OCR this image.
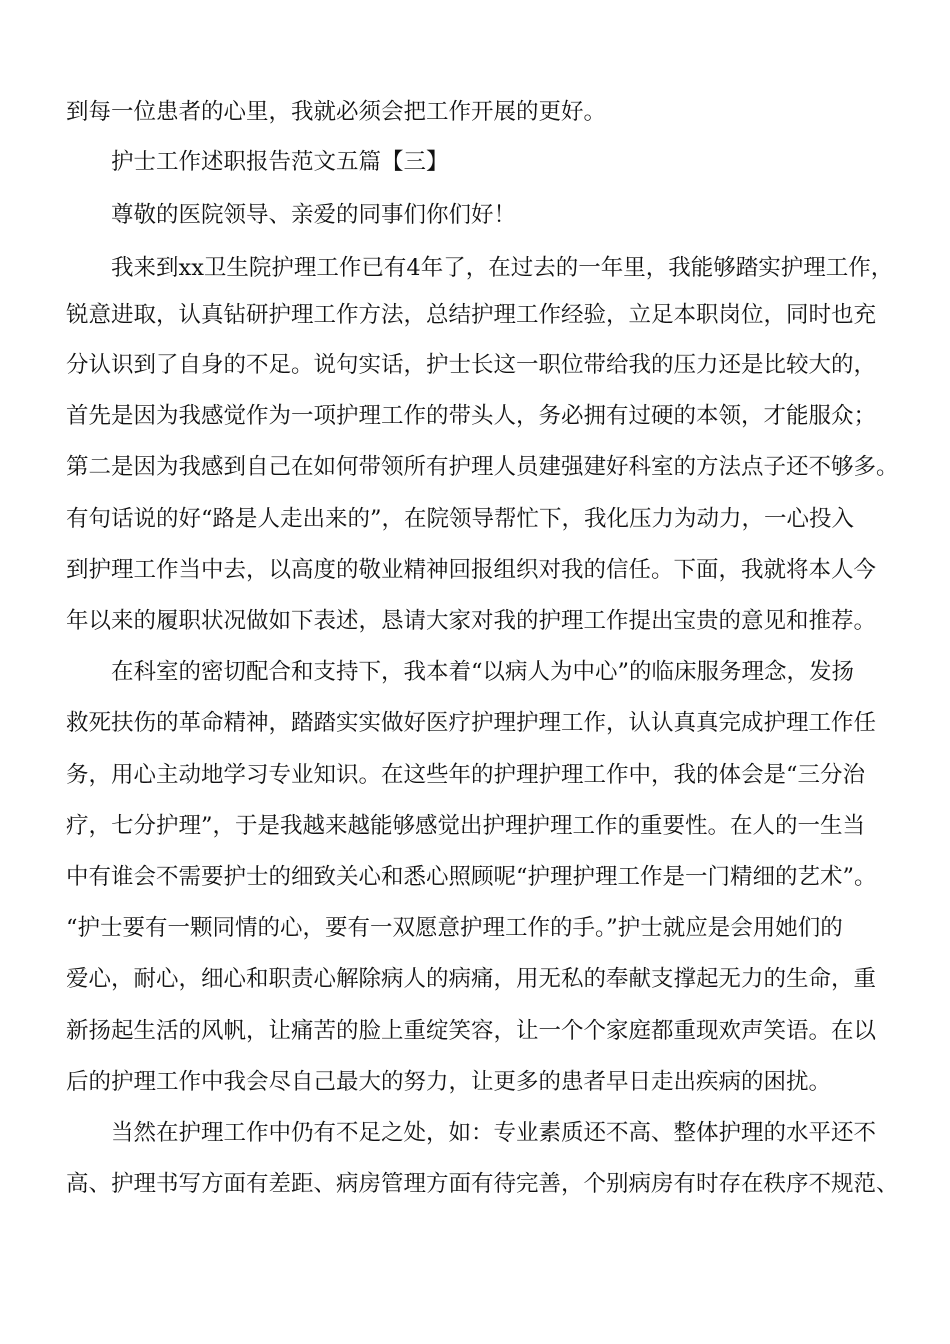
到每一位患者的心里，我就必须会把工作开展的更好。
护士工作述职报告范文五篇【三】
尊敬的医院领导、亲爱的同事们你们好！
我来到xx卫生院护理工作已有4年了，在过去的一年里，我能够踏实护理工作，
锐意进取，认真钻研护理工作方法，总结护理工作经验，立足本职岗位，同时也充
分认识到了自身的不足。说句实话，护士长这一职位带给我的压力还是比较大的，
首先是因为我感觉作为一项护理工作的带头人，务必拥有过硬的本领，才能服众；
第二是因为我感到自己在如何带领所有护理人员建强建好科室的方法点子还不够多。
有句话说的好“路是人走出来的”，在院领导帮忙下，我化压力为动力，一心投入
到护理工作当中去，以高度的敬业精神回报组织对我的信任。下面，我就将本人今
年以来的履职状况做如下表述，恳请大家对我的护理工作提出宝贵的意见和推荐。
在科室的密切配合和支持下，我本着“以病人为中心”的临床服务理念，发扬
救死扶伤的革命精神，踏踏实实做好医疗护理护理工作，认认真真完成护理工作任
务，用心主动地学习专业知识。在这些年的护理护理工作中，我的体会是“三分治
疗，七分护理”，于是我越来越能够感觉出护理护理工作的重要性。在人的一生当
中有谁会不需要护士的细致关心和悉心照顾呢“护理护理工作是一门精细的艺术”。
“护士要有一颗同情的心，要有一双愿意护理工作的手。”护士就应是会用她们的
爱心，耐心，细心和职责心解除病人的病痛，用无私的奉献支撑起无力的生命，重
新扬起生活的风帆，让痛苦的脸上重绽笑容，让一个个家庭都重现欢声笑语。在以
后的护理工作中我会尽自己最大的努力，让更多的患者早日走出疾病的困扰。
当然在护理工作中仍有不足之处，如：专业素质还不高、整体护理的水平还不
高、护理书写方面有差距、病房管理方面有待完善，个别病房有时存在秩序不规范、
